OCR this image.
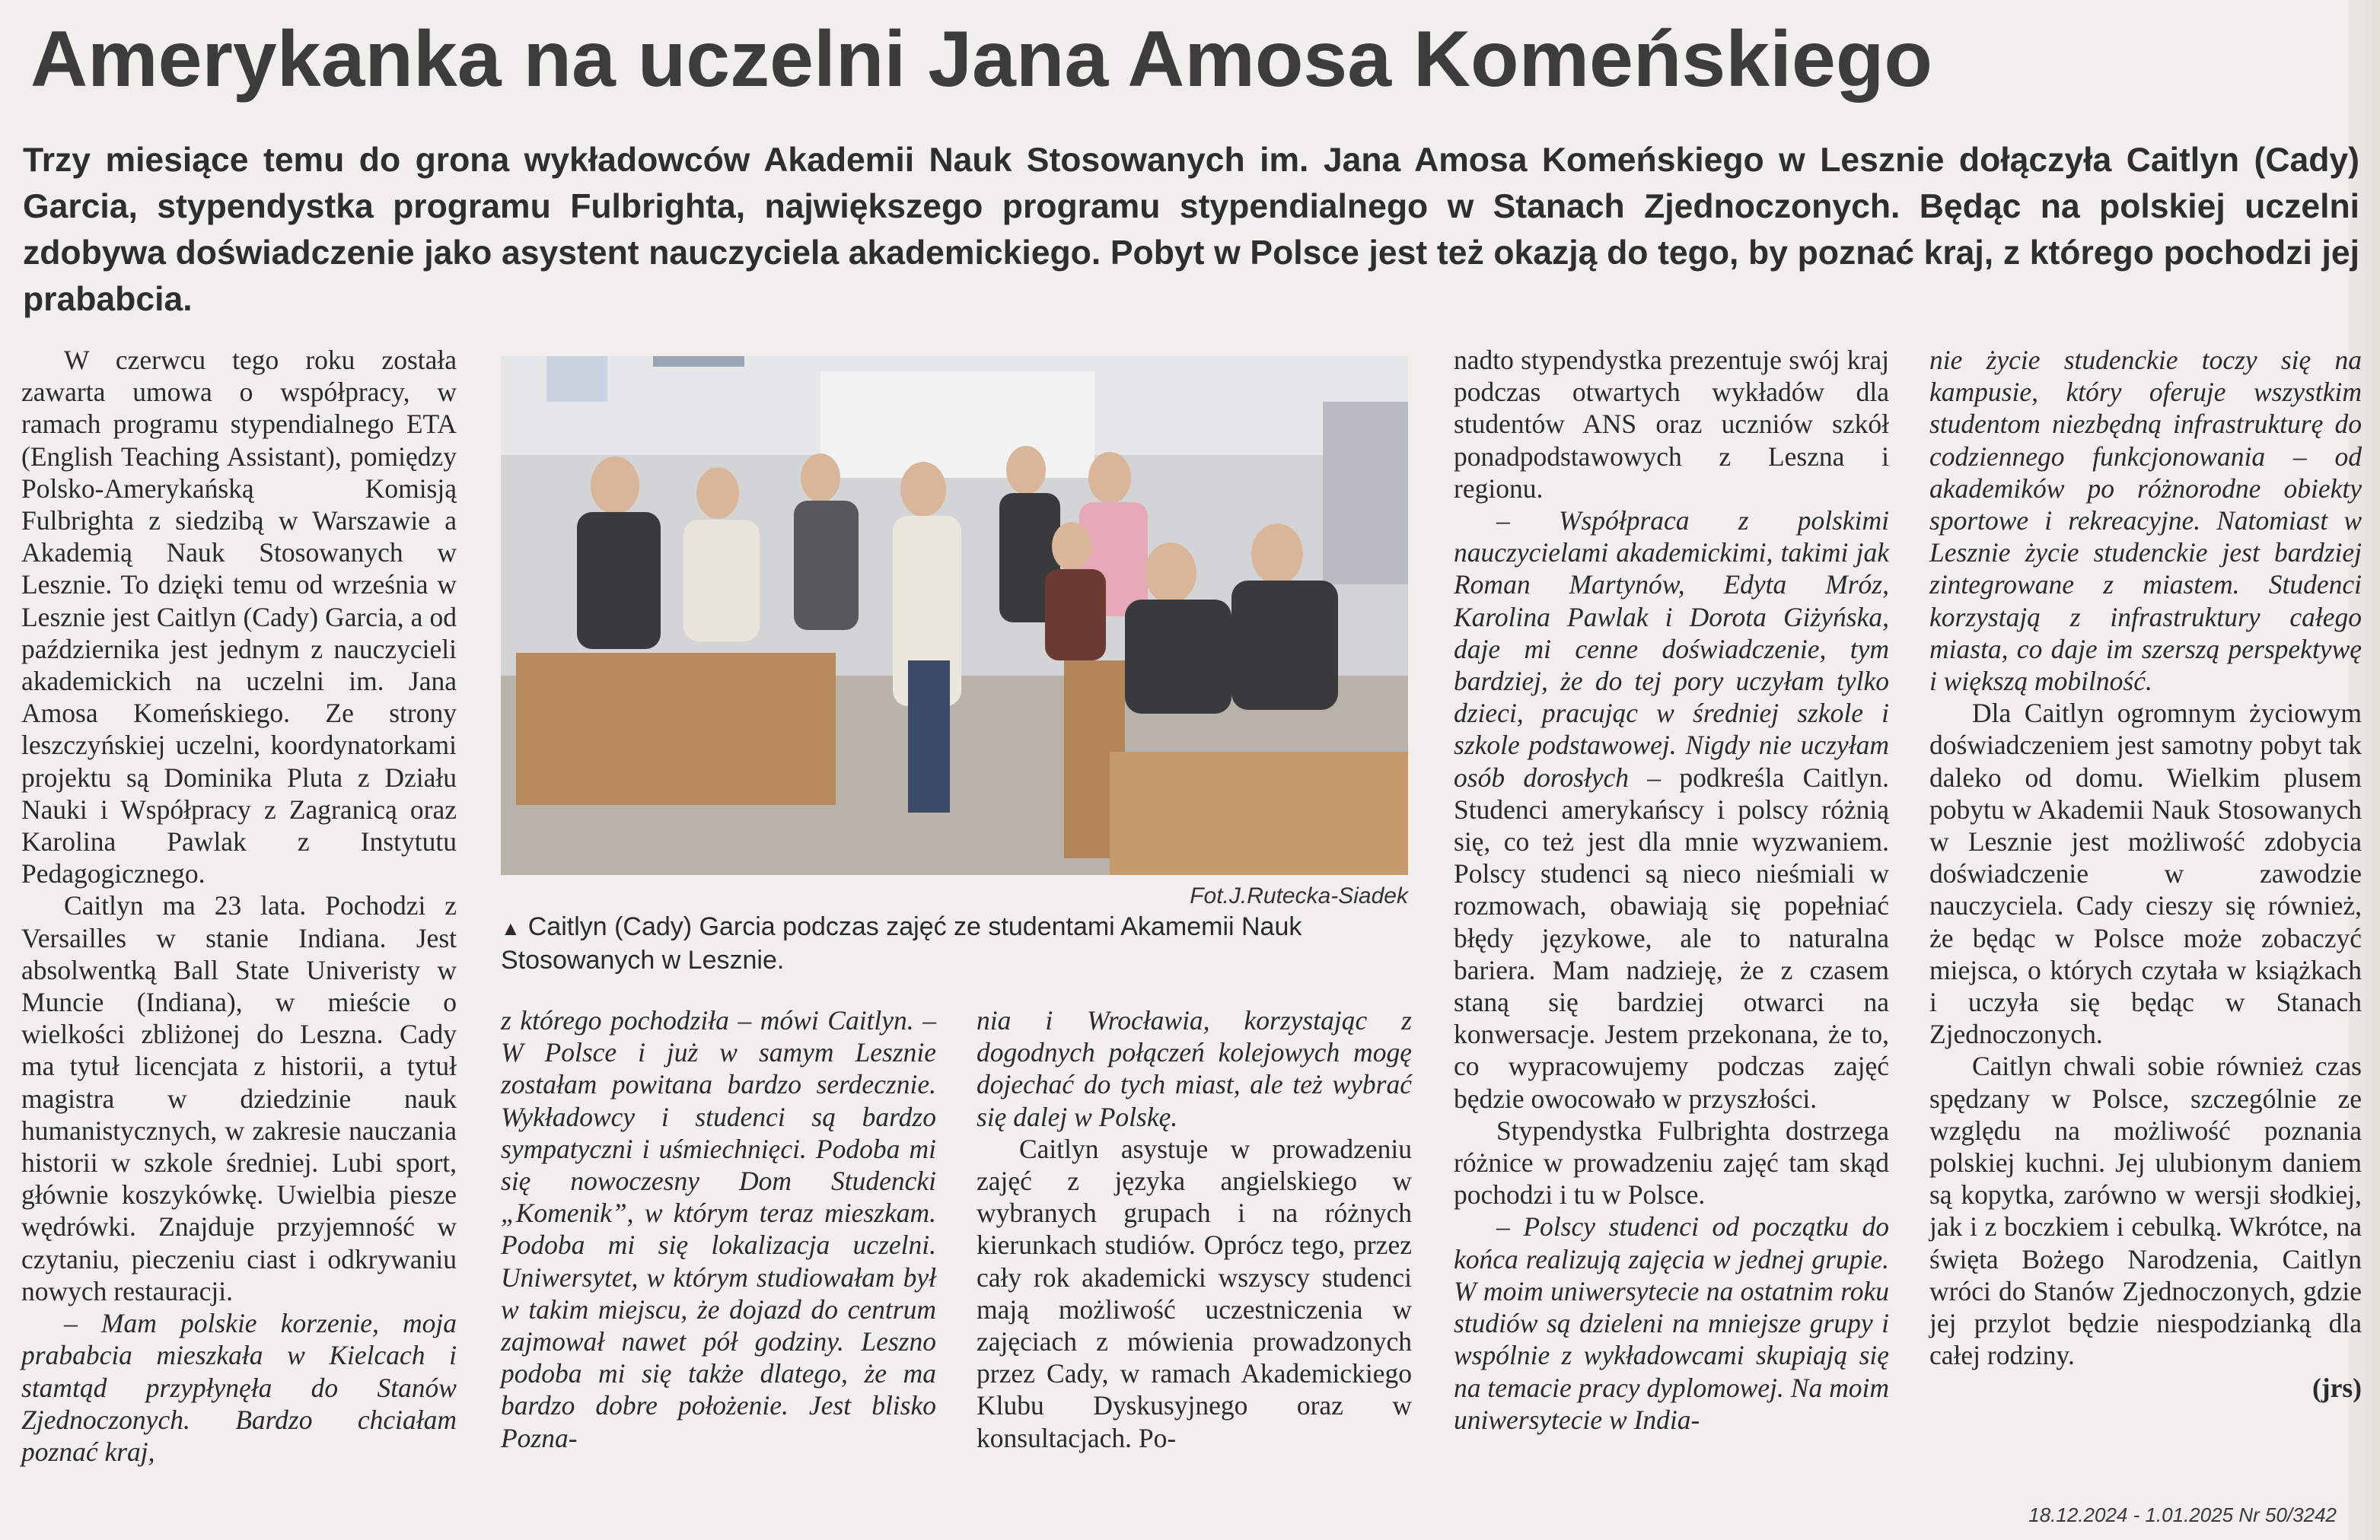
Amerykanka na uczelni Jana Amosa Komeńskiego

Trzy miesiące temu do grona wykładowców Akademii Nauk Stosowanych im. Jana Amosa Komeńskiego w Lesznie dołączyła Caitlyn (Cady) Garcia, stypendystka programu Fulbrighta, największego programu stypendialnego w Stanach Zjednoczonych. Będąc na polskiej uczelni zdobywa doświadczenie jako asystent nauczyciela akademickiego. Pobyt w Polsce jest też okazją do tego, by poznać kraj, z którego pochodzi jej prababcia.

W czerwcu tego roku została zawarta umowa o współpracy, w ramach programu stypendialnego ETA (English Teaching Assistant), pomiędzy Polsko-Amerykańską Komisją Fulbrighta z siedzibą w Warszawie a Akademią Nauk Stosowanych w Lesznie. To dzięki temu od września w Lesznie jest Caitlyn (Cady) Garcia, a od października jest jednym z nauczycieli akademickich na uczelni im. Jana Amosa Komeńskiego. Ze strony leszczyńskiej uczelni, koordynatorkami projektu są Dominika Pluta z Działu Nauki i Współpracy z Zagranicą oraz Karolina Pawlak z Instytutu Pedagogicznego.

Caitlyn ma 23 lata. Pochodzi z Versailles w stanie Indiana. Jest absolwentką Ball State Univeristy w Muncie (Indiana), w mieście o wielkości zbliżonej do Leszna. Cady ma tytuł licencjata z historii, a tytuł magistra w dziedzinie nauk humanistycznych, w zakresie nauczania historii w szkole średniej. Lubi sport, głównie koszykówkę. Uwielbia piesze wędrówki. Znajduje przyjemność w czytaniu, pieczeniu ciast i odkrywaniu nowych restauracji.

– Mam polskie korzenie, moja prababcia mieszkała w Kielcach i stamtąd przypłynęła do Stanów Zjednoczonych. Bardzo chciałam poznać kraj,

Fot.J.Rutecka-Siadek
▲ Caitlyn (Cady) Garcia podczas zajęć ze studentami Akamemii Nauk Stosowanych w Lesznie.

z którego pochodziła – mówi Caitlyn. – W Polsce i już w samym Lesznie zostałam powitana bardzo serdecznie. Wykładowcy i studenci są bardzo sympatyczni i uśmiechnięci. Podoba mi się nowoczesny Dom Studencki „Komenik”, w którym teraz mieszkam. Podoba mi się lokalizacja uczelni. Uniwersytet, w którym studiowałam był w takim miejscu, że dojazd do centrum zajmował nawet pół godziny. Leszno podoba mi się także dlatego, że ma bardzo dobre położenie. Jest blisko Pozna-

nia i Wrocławia, korzystając z dogodnych połączeń kolejowych mogę dojechać do tych miast, ale też wybrać się dalej w Polskę.

Caitlyn asystuje w prowadzeniu zajęć z języka angielskiego w wybranych grupach i na różnych kierunkach studiów. Oprócz tego, przez cały rok akademicki wszyscy studenci mają możliwość uczestniczenia w zajęciach z mówienia prowadzonych przez Cady, w ramach Akademickiego Klubu Dyskusyjnego oraz w konsultacjach. Po-

nadto stypendystka prezentuje swój kraj podczas otwartych wykładów dla studentów ANS oraz uczniów szkół ponadpodstawowych z Leszna i regionu.

– Współpraca z polskimi nauczycielami akademickimi, takimi jak Roman Martynów, Edyta Mróz, Karolina Pawlak i Dorota Giżyńska, daje mi cenne doświadczenie, tym bardziej, że do tej pory uczyłam tylko dzieci, pracując w średniej szkole i szkole podstawowej. Nigdy nie uczyłam osób dorosłych – podkreśla Caitlyn. Studenci amerykańscy i polscy różnią się, co też jest dla mnie wyzwaniem. Polscy studenci są nieco nieśmiali w rozmowach, obawiają się popełniać błędy językowe, ale to naturalna bariera. Mam nadzieję, że z czasem staną się bardziej otwarci na konwersacje. Jestem przekonana, że to, co wypracowujemy podczas zajęć będzie owocowało w przyszłości.

Stypendystka Fulbrighta dostrzega różnice w prowadzeniu zajęć tam skąd pochodzi i tu w Polsce.

– Polscy studenci od początku do końca realizują zajęcia w jednej grupie. W moim uniwersytecie na ostatnim roku studiów są dzieleni na mniejsze grupy i wspólnie z wykładowcami skupiają się na temacie pracy dyplomowej. Na moim uniwersytecie w India-

nie życie studenckie toczy się na kampusie, który oferuje wszystkim studentom niezbędną infrastrukturę do codziennego funkcjonowania – od akademików po różnorodne obiekty sportowe i rekreacyjne. Natomiast w Lesznie życie studenckie jest bardziej zintegrowane z miastem. Studenci korzystają z infrastruktury całego miasta, co daje im szerszą perspektywę i większą mobilność.

Dla Caitlyn ogromnym życiowym doświadczeniem jest samotny pobyt tak daleko od domu. Wielkim plusem pobytu w Akademii Nauk Stosowanych w Lesznie jest możliwość zdobycia doświadczenie w zawodzie nauczyciela. Cady cieszy się również, że będąc w Polsce może zobaczyć miejsca, o których czytała w książkach i uczyła się będąc w Stanach Zjednoczonych.

Caitlyn chwali sobie również czas spędzany w Polsce, szczególnie ze względu na możliwość poznania polskiej kuchni. Jej ulubionym daniem są kopytka, zarówno w wersji słodkiej, jak i z boczkiem i cebulką. Wkrótce, na święta Bożego Narodzenia, Caitlyn wróci do Stanów Zjednoczonych, gdzie jej przylot będzie niespodzianką dla całej rodziny.

(jrs)
18.12.2024 - 1.01.2025 Nr 50/3242
